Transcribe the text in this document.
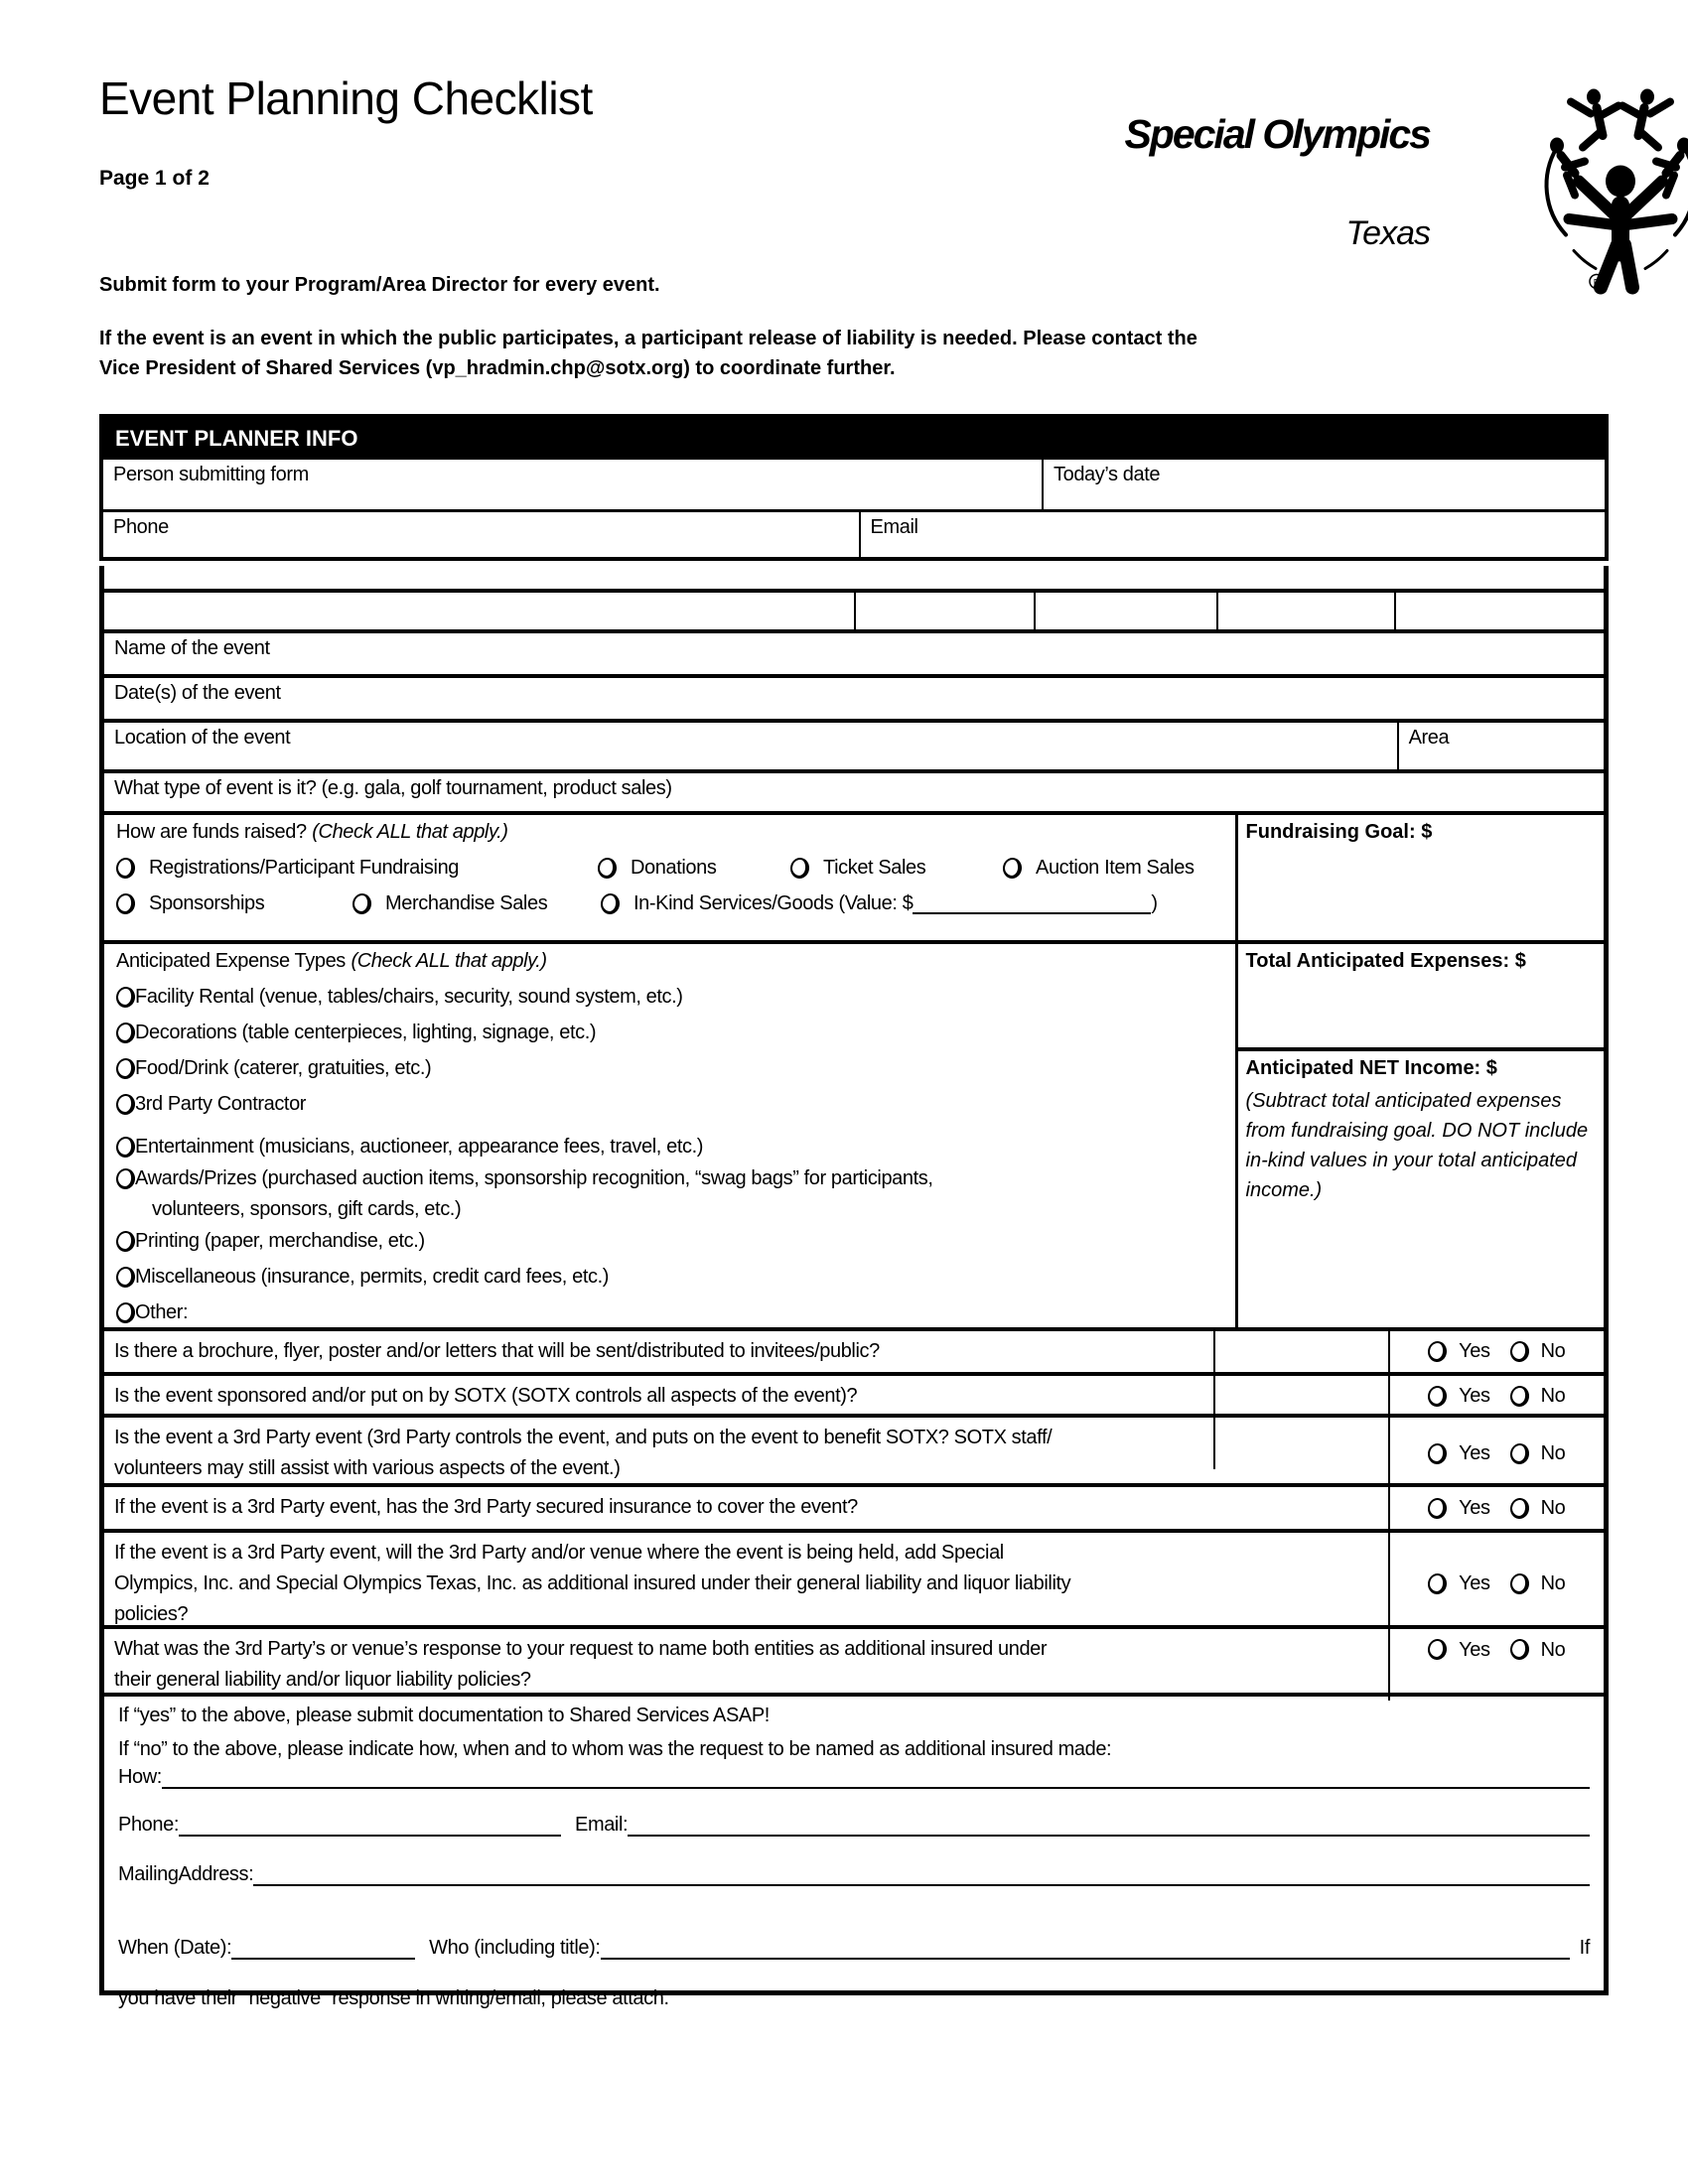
Event Planning Checklist
Page 1 of 2
Special Olympics
Texas
R
Submit form to your Program/Area Director for every event.
If the event is an event in which the public participates, a participant release of liability is needed. Please contact the
Vice President of Shared Services (vp_hradmin.chp@sotx.org) to coordinate further.
EVENT PLANNER INFO
Person submitting form	Today’s date
Phone	Email
Name of the event
Date(s) of the event
Location of the event	Area
What type of event is it? (e.g. gala, golf tournament, product sales)
How are funds raised? (Check ALL that apply.)
Registrations/Participant Fundraising	Donations	Ticket Sales	Auction Item Sales
Sponsorships	Merchandise Sales	In-Kind Services/Goods (Value: $	)
Fundraising Goal: $
Anticipated Expense Types (Check ALL that apply.)
Facility Rental (venue, tables/chairs, security, sound system, etc.)
Decorations (table centerpieces, lighting, signage, etc.)
Food/Drink (caterer, gratuities, etc.)
3rd Party Contractor
Entertainment (musicians, auctioneer, appearance fees, travel, etc.)
Awards/Prizes (purchased auction items, sponsorship recognition, “swag bags” for participants,
volunteers, sponsors, gift cards, etc.)
Printing (paper, merchandise, etc.)
Miscellaneous (insurance, permits, credit card fees, etc.)
Other:
Total Anticipated Expenses: $
Anticipated NET Income: $
(Subtract total anticipated expenses from fundraising goal. DO NOT include in-kind values in your total anticipated income.)
Is there a brochure, flyer, poster and/or letters that will be sent/distributed to invitees/public?	Yes	No
Is the event sponsored and/or put on by SOTX (SOTX controls all aspects of the event)?	Yes	No
Is the event a 3rd Party event (3rd Party controls the event, and puts on the event to benefit SOTX? SOTX staff/
volunteers may still assist with various aspects of the event.)
Yes	No
If the event is a 3rd Party event, has the 3rd Party secured insurance to cover the event?	Yes	No
If the event is a 3rd Party event, will the 3rd Party and/or venue where the event is being held, add Special
Olympics, Inc. and Special Olympics Texas, Inc. as additional insured under their general liability and liquor liability
policies?
Yes	No
What was the 3rd Party’s or venue’s response to your request to name both entities as additional insured under
their general liability and/or liquor liability policies?
Yes	No
If “yes” to the above, please submit documentation to Shared Services ASAP!
If “no” to the above, please indicate how, when and to whom was the request to be named as additional insured made:
How:
Phone:	Email:
MailingAddress:
When (Date):	Who (including title):	If
you have their “negative” response in writing/email, please attach.
